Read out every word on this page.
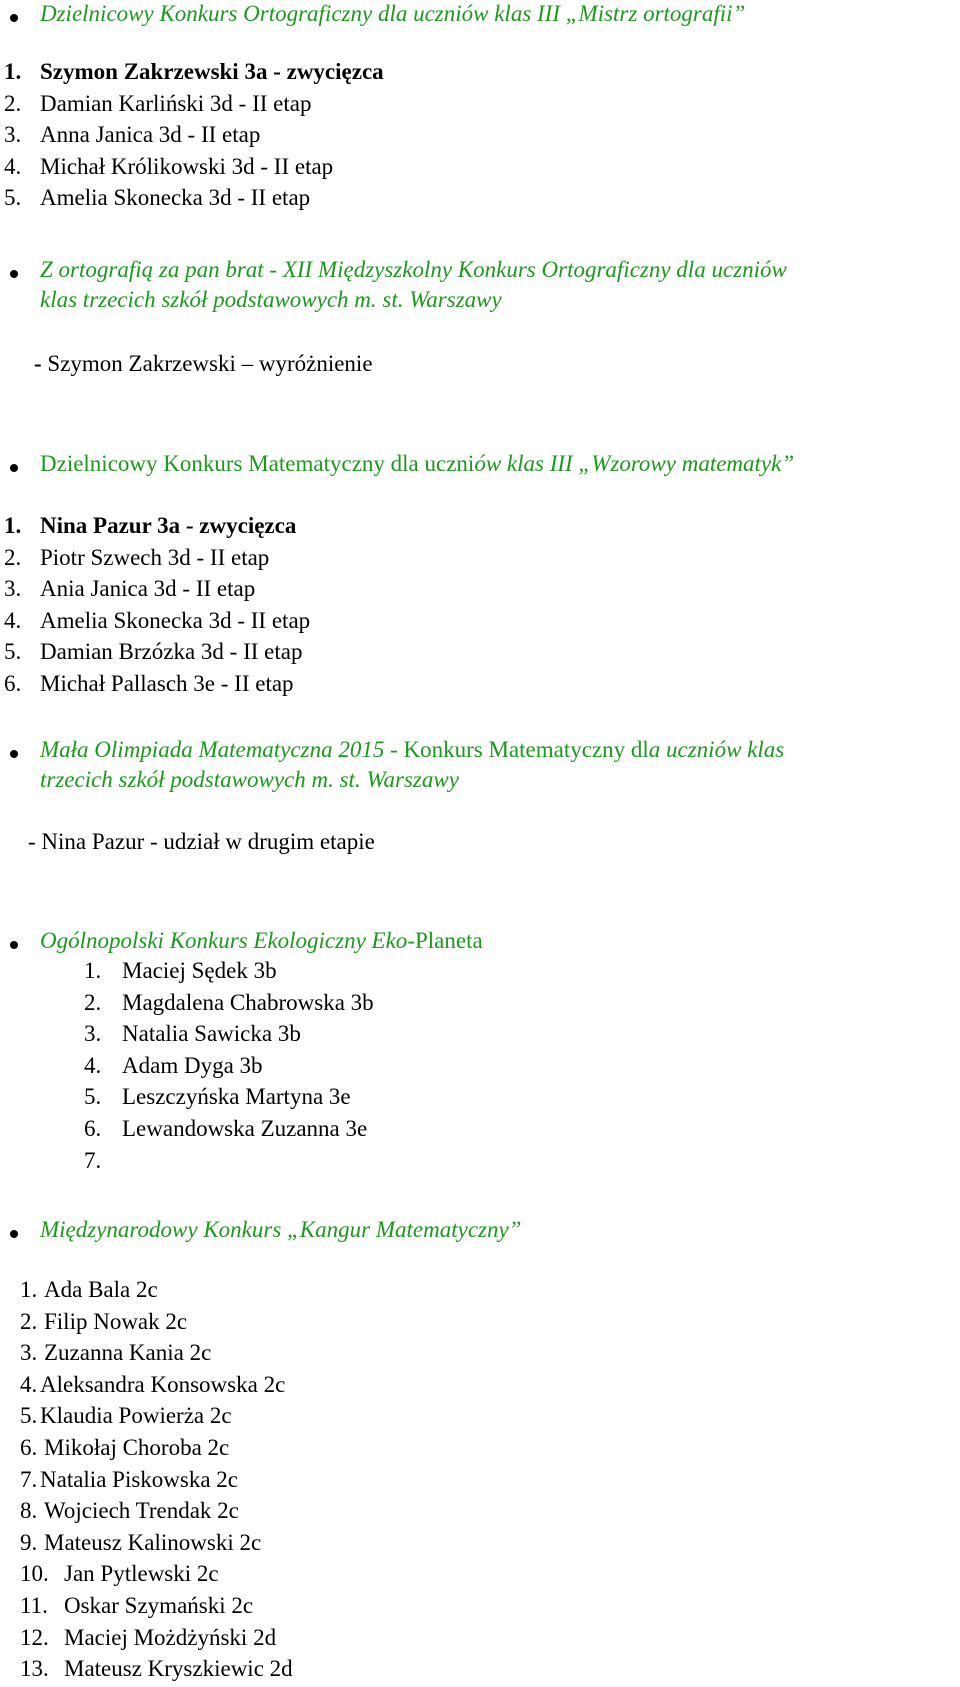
Dzielnicowy Konkurs Ortograficzny dla uczniów klas III „Mistrz ortografii”
1. Szymon Zakrzewski 3a - zwycięzca
2. Damian Karliński 3d - II etap
3. Anna Janica 3d - II etap
4. Michał Królikowski 3d - II etap
5. Amelia Skonecka 3d - II etap
Z ortografią za pan brat - XII Międzyszkolny Konkurs Ortograficzny dla uczniów
klas trzecich szkół podstawowych m. st. Warszawy
- Szymon Zakrzewski – wyróżnienie
Dzielnicowy Konkurs Matematyczny dla uczniów klas III „Wzorowy matematyk”
1. Nina Pazur 3a - zwycięzca
2. Piotr Szwech 3d - II etap
3. Ania Janica 3d - II etap
4. Amelia Skonecka 3d - II etap
5. Damian Brzózka 3d - II etap
6. Michał Pallasch 3e - II etap
Mała Olimpiada Matematyczna 2015 - Konkurs Matematyczny dla uczniów klas
trzecich szkół podstawowych m. st. Warszawy
- Nina Pazur - udział w drugim etapie
Ogólnopolski Konkurs Ekologiczny Eko-Planeta
1. Maciej Sędek 3b
2. Magdalena Chabrowska 3b
3. Natalia Sawicka 3b
4. Adam Dyga 3b
5. Leszczyńska Martyna 3e
6. Lewandowska Zuzanna 3e
7.
Międzynarodowy Konkurs „Kangur Matematyczny”
1. Ada Bala 2c
2. Filip Nowak 2c
3. Zuzanna Kania 2c
4. Aleksandra Konsowska 2c
5. Klaudia Powierża 2c
6. Mikołaj Choroba 2c
7. Natalia Piskowska 2c
8. Wojciech Trendak 2c
9. Mateusz Kalinowski 2c
10. Jan Pytlewski 2c
11. Oskar Szymański 2c
12. Maciej Możdżyński 2d
13. Mateusz Kryszkiewic 2d
